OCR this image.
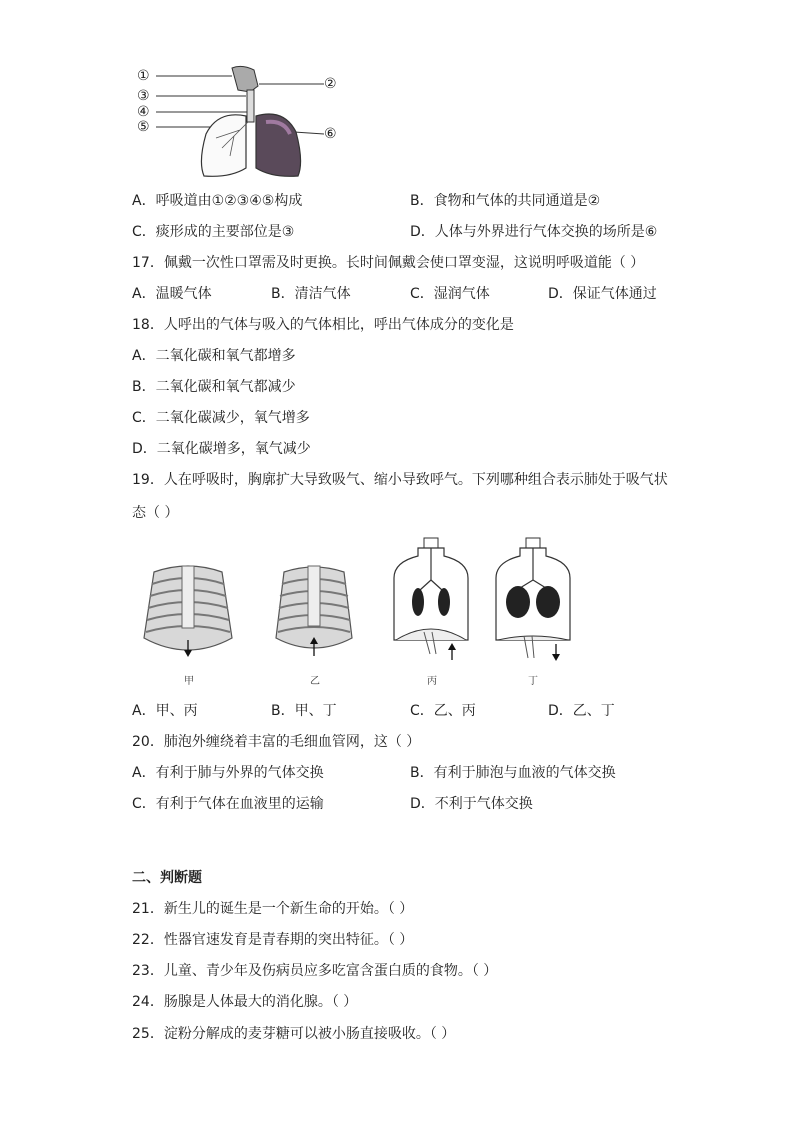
①	②
③
④
⑤	⑥
A．呼吸道由①②③④⑤构成	B．食物和气体的共同通道是②
C．痰形成的主要部位是③	D．人体与外界进行气体交换的场所是⑥
17．佩戴一次性口罩需及时更换。长时间佩戴会使口罩变湿，这说明呼吸道能（ ）
A．温暖气体	B．清洁气体	C．湿润气体	D．保证气体通过
18．人呼出的气体与吸入的气体相比，呼出气体成分的变化是
A．二氧化碳和氧气都增多
B．二氧化碳和氧气都减少
C．二氧化碳减少，氧气增多
D．二氧化碳增多，氧气减少
19．人在呼吸时，胸廓扩大导致吸气、缩小导致呼气。下列哪种组合表示肺处于吸气状
态（ ）
甲	乙	丙	丁
A．甲、丙	B．甲、丁	C．乙、丙	D．乙、丁
20．肺泡外缠绕着丰富的毛细血管网，这（ ）
A．有利于肺与外界的气体交换	B．有利于肺泡与血液的气体交换
C．有利于气体在血液里的运输	D．不利于气体交换
二、判断题
21．新生儿的诞生是一个新生命的开始。（ ）
22．性器官速发育是青春期的突出特征。（ ）
23．儿童、青少年及伤病员应多吃富含蛋白质的食物。（ ）
24．肠腺是人体最大的消化腺。（ ）
25．淀粉分解成的麦芽糖可以被小肠直接吸收。（ ）
